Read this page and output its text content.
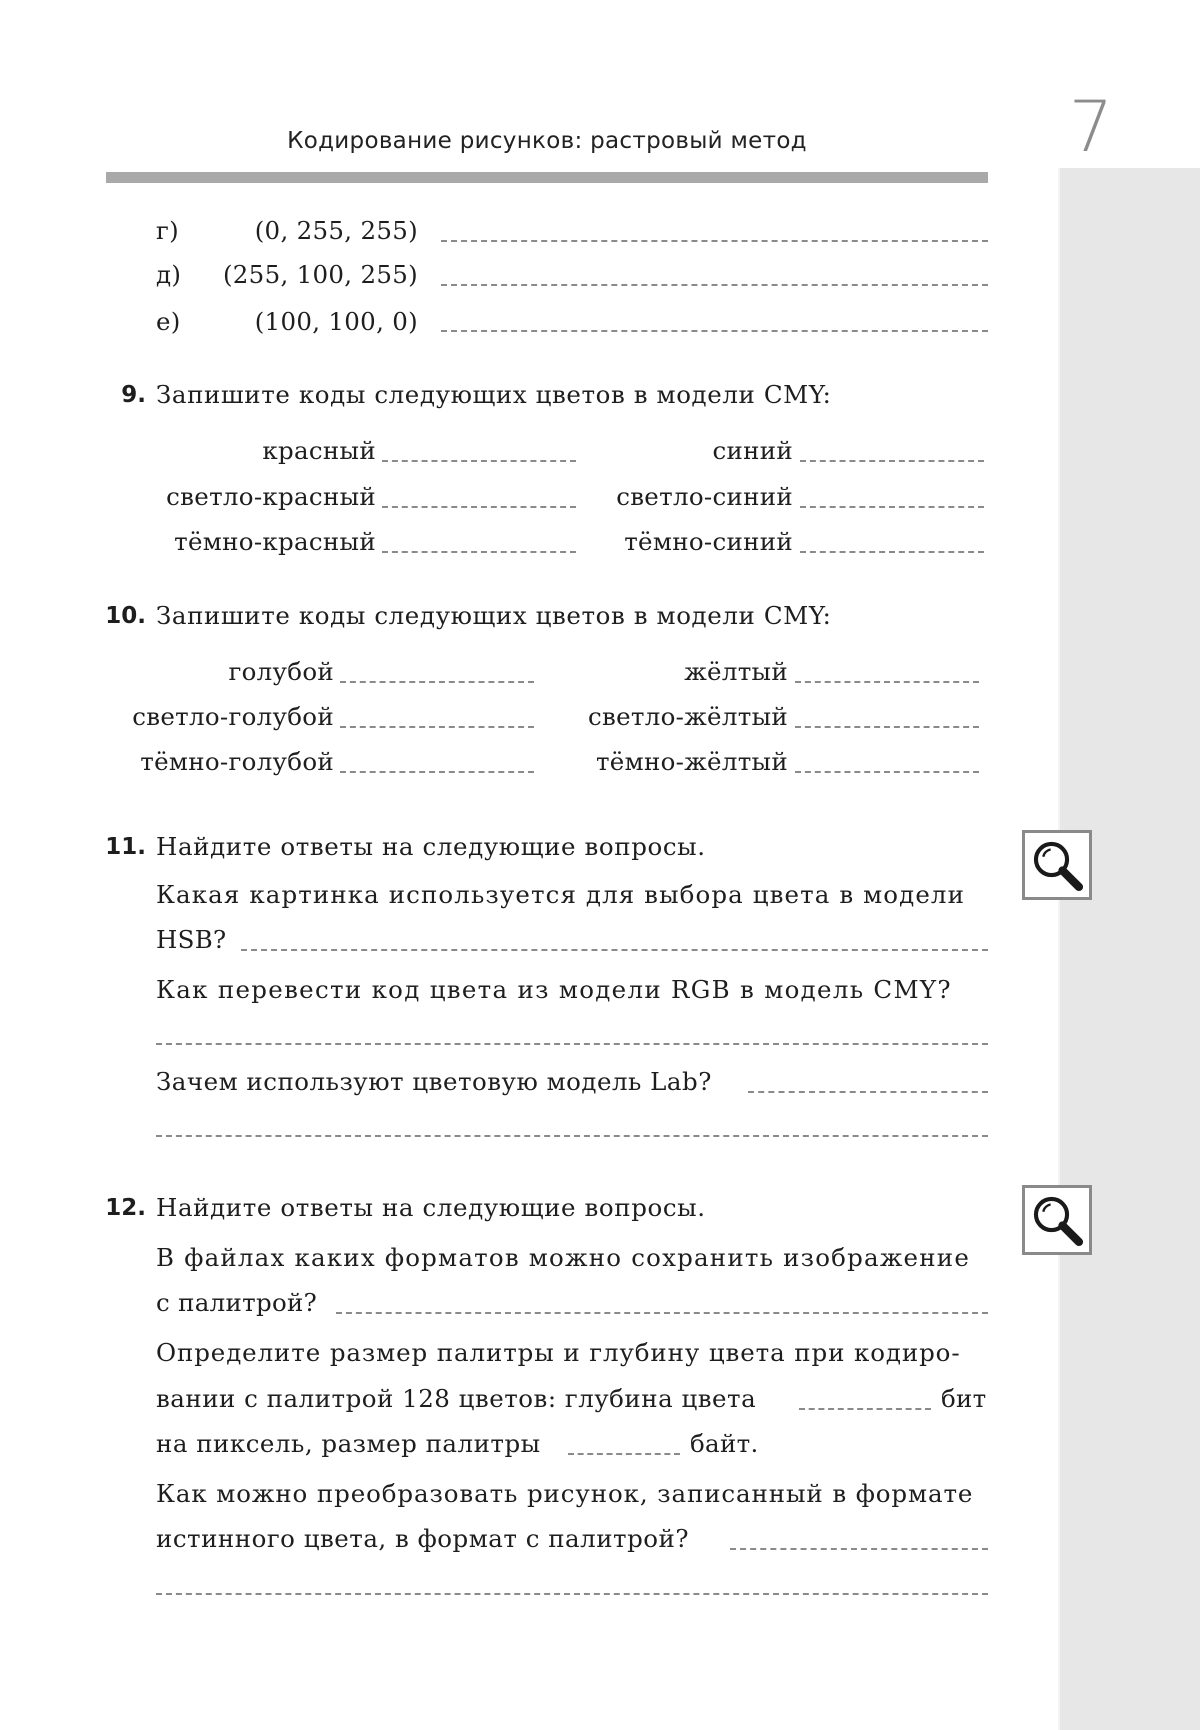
7
Кодирование рисунков: растровый метод
г)	(0, 255, 255)
д)	(255, 100, 255)
е)	(100, 100, 0)
9. Запишите коды следующих цветов в модели CMY:
красный	синий
светло-красный	светло-синий
тёмно-красный	тёмно-синий
10. Запишите коды следующих цветов в модели CMY:
голубой	жёлтый
светло-голубой	светло-жёлтый
тёмно-голубой	тёмно-жёлтый
11. Найдите ответы на следующие вопросы.
Какая картинка используется для выбора цвета в модели
HSB?
Как перевести код цвета из модели RGB в модель CMY?
Зачем используют цветовую модель Lab?
12. Найдите ответы на следующие вопросы.
В файлах каких форматов можно сохранить изображение
с палитрой?
Определите размер палитры и глубину цвета при кодиро-
вании с палитрой 128 цветов: глубина цвета	бит
на пиксель, размер палитры	байт.
Как можно преобразовать рисунок, записанный в формате
истинного цвета, в формат с палитрой?
